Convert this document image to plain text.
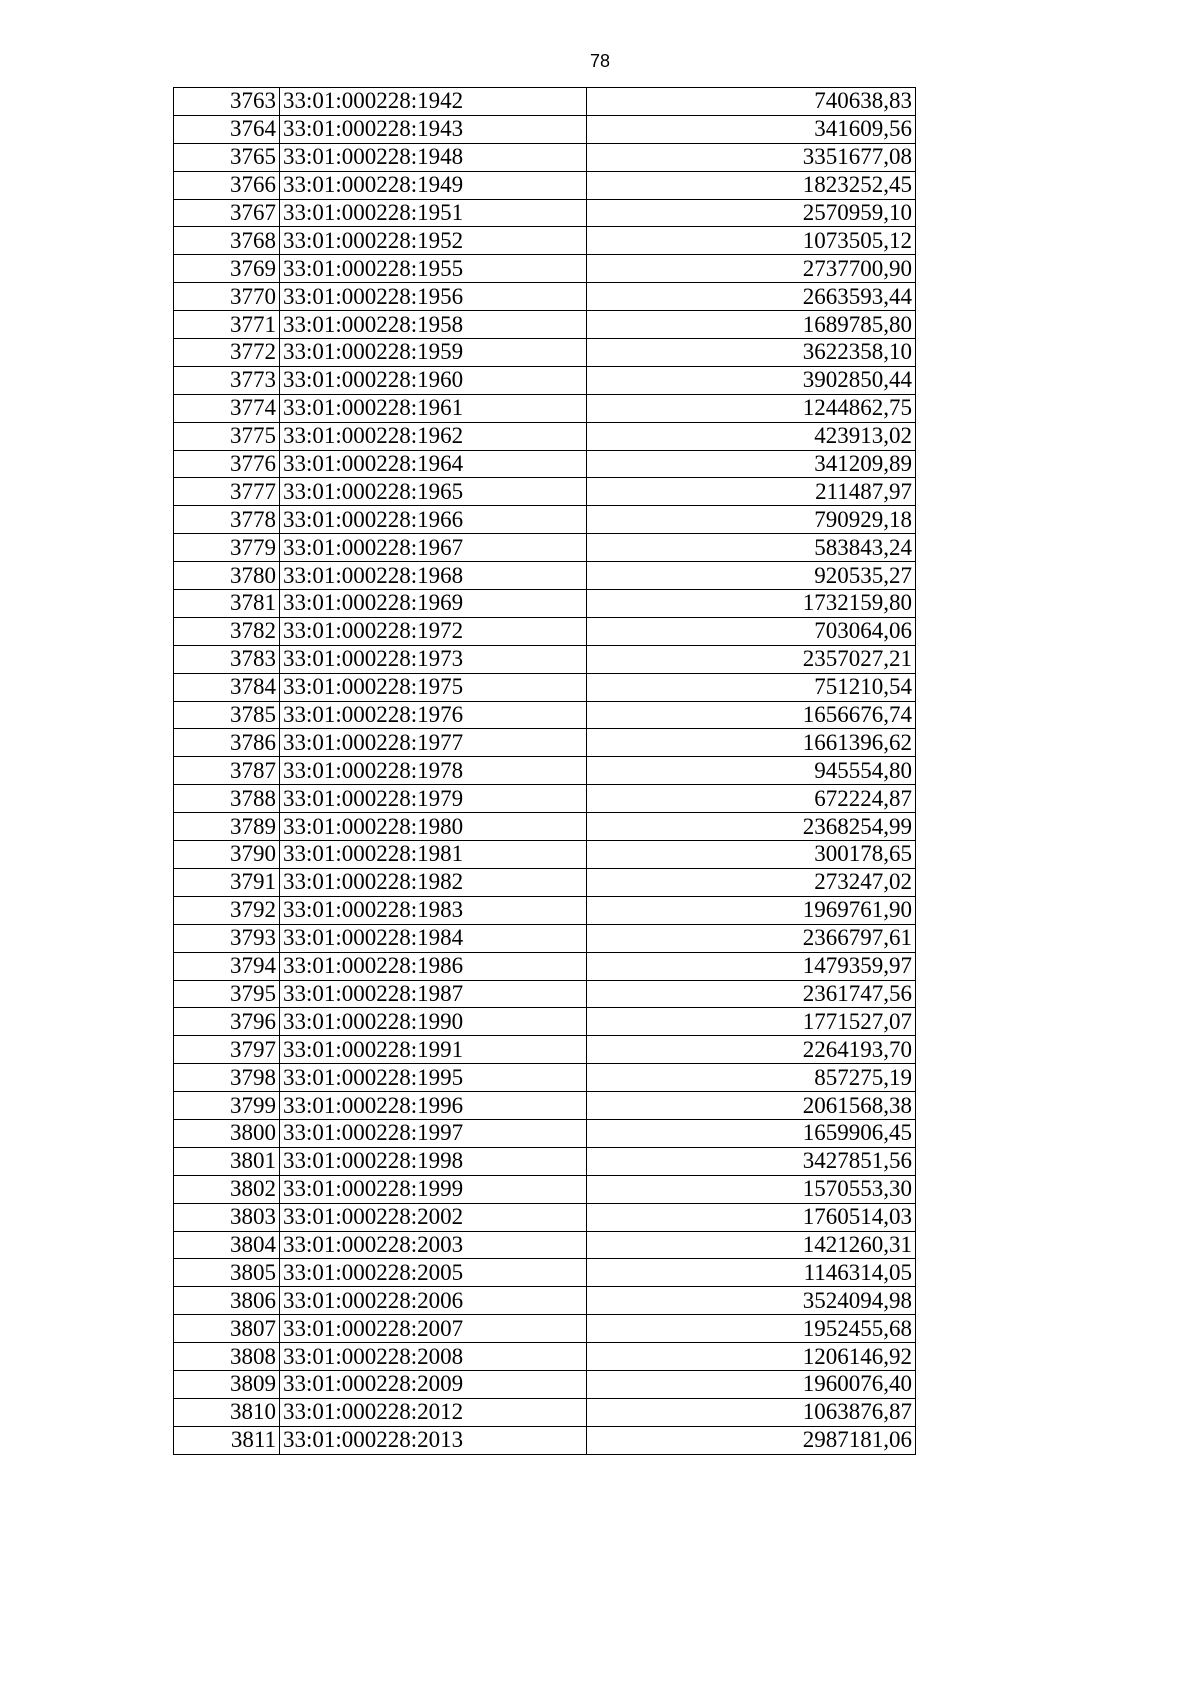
78
3763	33:01:000228:1942	740638,83
3764	33:01:000228:1943	341609,56
3765	33:01:000228:1948	3351677,08
3766	33:01:000228:1949	1823252,45
3767	33:01:000228:1951	2570959,10
3768	33:01:000228:1952	1073505,12
3769	33:01:000228:1955	2737700,90
3770	33:01:000228:1956	2663593,44
3771	33:01:000228:1958	1689785,80
3772	33:01:000228:1959	3622358,10
3773	33:01:000228:1960	3902850,44
3774	33:01:000228:1961	1244862,75
3775	33:01:000228:1962	423913,02
3776	33:01:000228:1964	341209,89
3777	33:01:000228:1965	211487,97
3778	33:01:000228:1966	790929,18
3779	33:01:000228:1967	583843,24
3780	33:01:000228:1968	920535,27
3781	33:01:000228:1969	1732159,80
3782	33:01:000228:1972	703064,06
3783	33:01:000228:1973	2357027,21
3784	33:01:000228:1975	751210,54
3785	33:01:000228:1976	1656676,74
3786	33:01:000228:1977	1661396,62
3787	33:01:000228:1978	945554,80
3788	33:01:000228:1979	672224,87
3789	33:01:000228:1980	2368254,99
3790	33:01:000228:1981	300178,65
3791	33:01:000228:1982	273247,02
3792	33:01:000228:1983	1969761,90
3793	33:01:000228:1984	2366797,61
3794	33:01:000228:1986	1479359,97
3795	33:01:000228:1987	2361747,56
3796	33:01:000228:1990	1771527,07
3797	33:01:000228:1991	2264193,70
3798	33:01:000228:1995	857275,19
3799	33:01:000228:1996	2061568,38
3800	33:01:000228:1997	1659906,45
3801	33:01:000228:1998	3427851,56
3802	33:01:000228:1999	1570553,30
3803	33:01:000228:2002	1760514,03
3804	33:01:000228:2003	1421260,31
3805	33:01:000228:2005	1146314,05
3806	33:01:000228:2006	3524094,98
3807	33:01:000228:2007	1952455,68
3808	33:01:000228:2008	1206146,92
3809	33:01:000228:2009	1960076,40
3810	33:01:000228:2012	1063876,87
3811	33:01:000228:2013	2987181,06
